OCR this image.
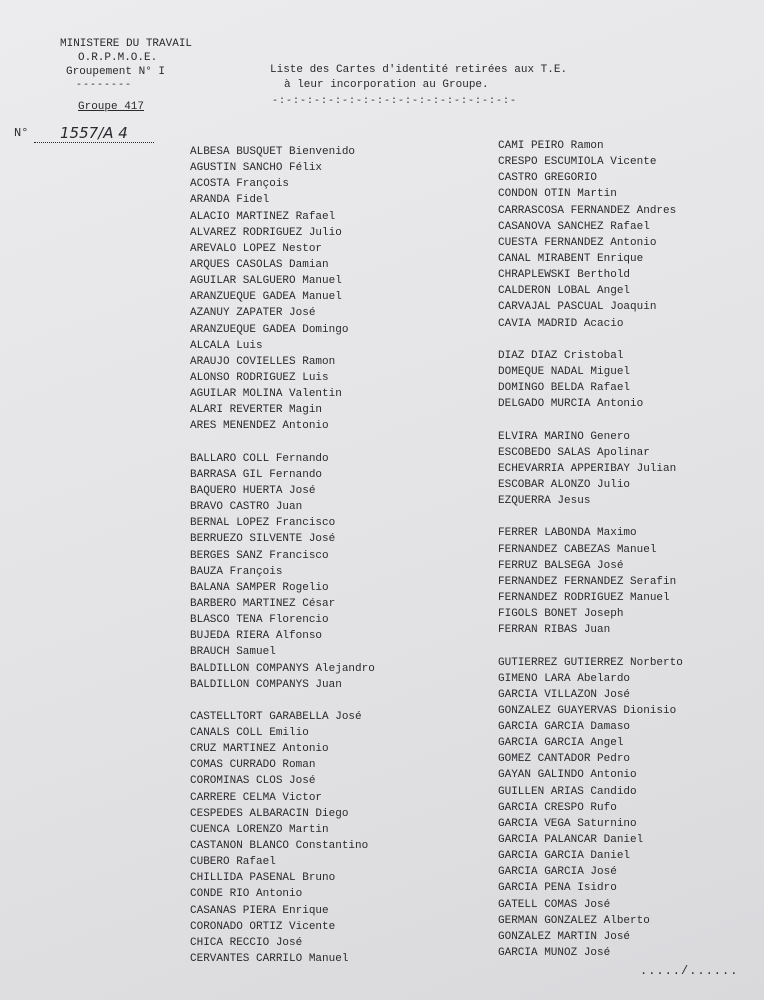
MINISTERE DU TRAVAIL
O.R.P.M.O.E.
Groupement N° I
--------
Groupe 417
Liste des Cartes d'identité retirées aux T.E.
à leur incorporation au Groupe.
-:-:-:-:-:-:-:-:-:-:-:-:-:-:-:-:-:-
N°	1557/A 4
ALBESA BUSQUET Bienvenido
AGUSTIN SANCHO Félix
ACOSTA François
ARANDA Fidel
ALACIO MARTINEZ Rafael
ALVAREZ RODRIGUEZ Julio
AREVALO LOPEZ Nestor
ARQUES CASOLAS Damian
AGUILAR SALGUERO Manuel
ARANZUEQUE GADEA Manuel
AZANUY ZAPATER José
ARANZUEQUE GADEA Domingo
ALCALA Luis
ARAUJO COVIELLES Ramon
ALONSO RODRIGUEZ Luis
AGUILAR MOLINA Valentin
ALARI REVERTER Magin
ARES MENENDEZ Antonio
BALLARO COLL Fernando
BARRASA GIL Fernando
BAQUERO HUERTA José
BRAVO CASTRO Juan
BERNAL LOPEZ Francisco
BERRUEZO SILVENTE José
BERGES SANZ Francisco
BAUZA François
BALANA SAMPER Rogelio
BARBERO MARTINEZ César
BLASCO TENA Florencio
BUJEDA RIERA Alfonso
BRAUCH Samuel
BALDILLON COMPANYS Alejandro
BALDILLON COMPANYS Juan
CASTELLTORT GARABELLA José
CANALS COLL Emilio
CRUZ MARTINEZ Antonio
COMAS CURRADO Roman
COROMINAS CLOS José
CARRERE CELMA Victor
CESPEDES ALBARACIN Diego
CUENCA LORENZO Martin
CASTANON BLANCO Constantino
CUBERO Rafael
CHILLIDA PASENAL Bruno
CONDE RIO Antonio
CASANAS PIERA Enrique
CORONADO ORTIZ Vicente
CHICA RECCIO José
CERVANTES CARRILO Manuel
CAMI PEIRO Ramon
CRESPO ESCUMIOLA Vicente
CASTRO GREGORIO
CONDON OTIN Martin
CARRASCOSA FERNANDEZ Andres
CASANOVA SANCHEZ Rafael
CUESTA FERNANDEZ Antonio
CANAL MIRABENT Enrique
CHRAPLEWSKI Berthold
CALDERON LOBAL Angel
CARVAJAL PASCUAL Joaquin
CAVIA MADRID Acacio
DIAZ DIAZ Cristobal
DOMEQUE NADAL Miguel
DOMINGO BELDA Rafael
DELGADO MURCIA Antonio
ELVIRA MARINO Genero
ESCOBEDO SALAS Apolinar
ECHEVARRIA APPERIBAY Julian
ESCOBAR ALONZO Julio
EZQUERRA Jesus
FERRER LABONDA Maximo
FERNANDEZ CABEZAS Manuel
FERRUZ BALSEGA José
FERNANDEZ FERNANDEZ Serafin
FERNANDEZ RODRIGUEZ Manuel
FIGOLS BONET Joseph
FERRAN RIBAS Juan
GUTIERREZ GUTIERREZ Norberto
GIMENO LARA Abelardo
GARCIA VILLAZON José
GONZALEZ GUAYERVAS Dionisio
GARCIA GARCIA Damaso
GARCIA GARCIA Angel
GOMEZ CANTADOR Pedro
GAYAN GALINDO Antonio
GUILLEN ARIAS Candido
GARCIA CRESPO Rufo
GARCIA VEGA Saturnino
GARCIA PALANCAR Daniel
GARCIA GARCIA Daniel
GARCIA GARCIA José
GARCIA PENA Isidro
GATELL COMAS José
GERMAN GONZALEZ Alberto
GONZALEZ MARTIN José
GARCIA MUNOZ José
...../......
